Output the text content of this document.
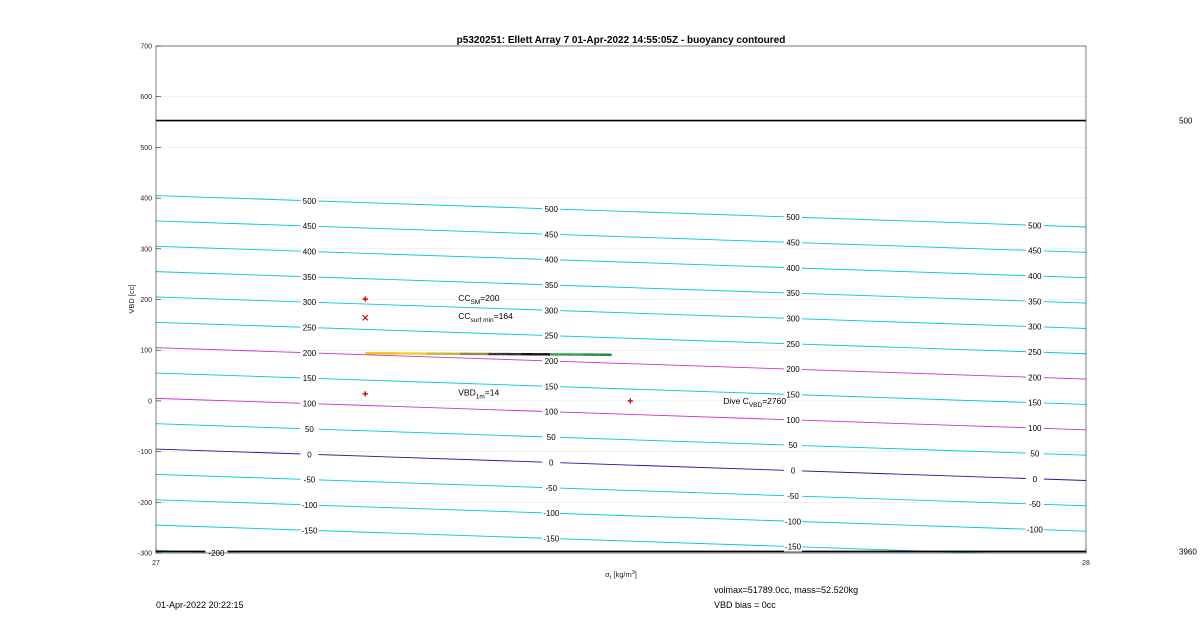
500
3960
500
500
500
500
450
450
450
450
400
400
400
400
350
350
350
350
300
300
300
300
250
250
250
250
200
200
200
200
150
150
150
150
100
100
100
100
50
50
50
50
0
0
0
0
-50
-50
-50
-50
-100
-100
-100
-100
-150
-150
-150
-200
700
600
500
400
300
200
100
0
-100
-200
-300
27	28
$CC_{SM}=200$
$CC_{surf min}=164$
$VBD_{1m}=14$
Dive $C_{VBD}=2760$
p5320251: Ellett Array 7 01-Apr-2022 14:55:05Z - buoyancy contoured
VBD [cc]
$\sigma_t$ $[kg/m^3]$
01-Apr-2022 20:22:15
volmax=51789.0cc, mass=52.520kg
VBD bias = 0cc
